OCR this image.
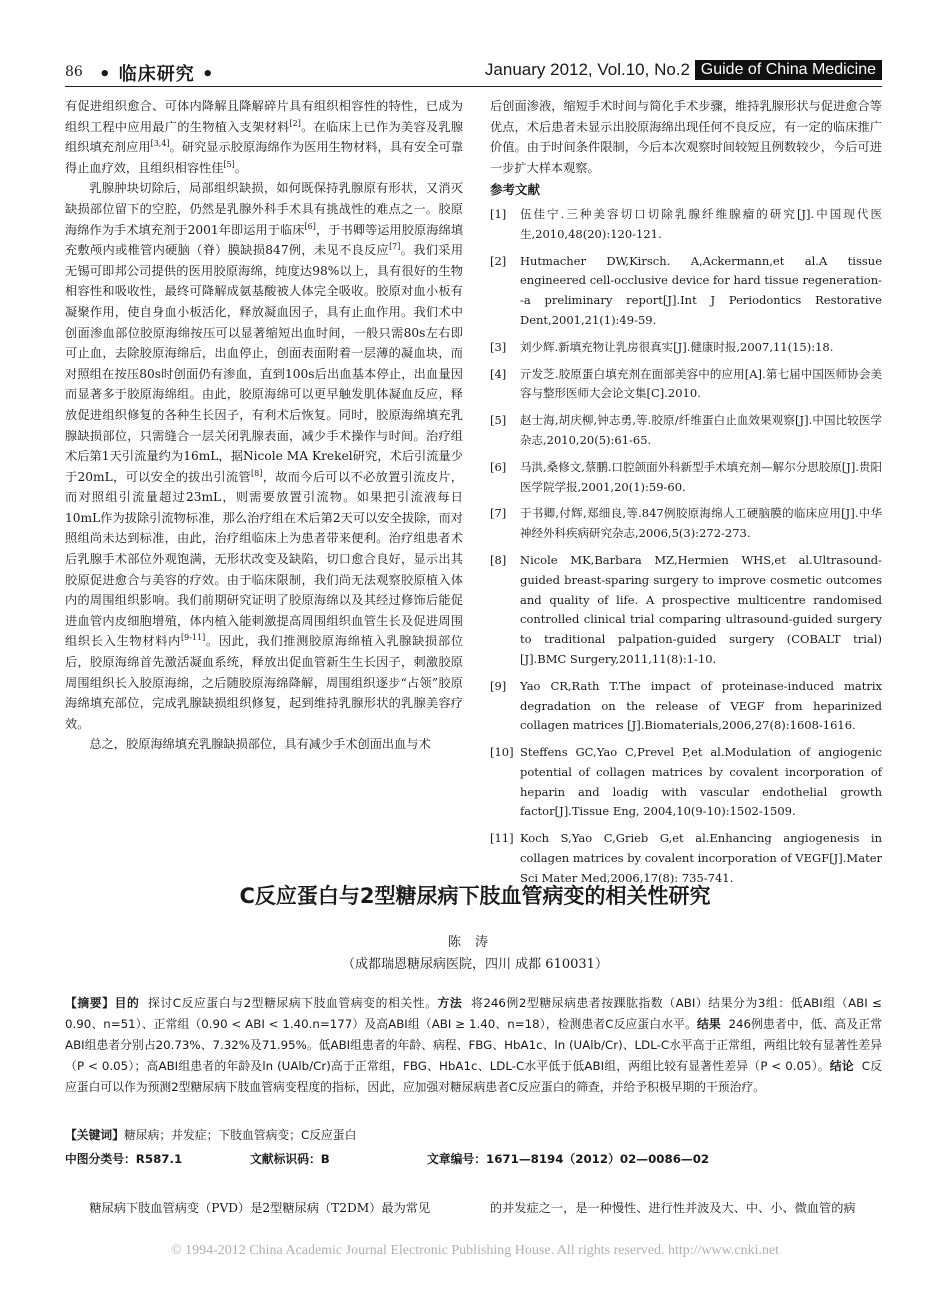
86 • 临床研究 •	January 2012, Vol.10, No.2 Guide of China Medicine

有促进组织愈合、可体内降解且降解碎片具有组织相容性的特性，已成为组织工程中应用最广的生物植入支架材料[2]。在临床上已作为美容及乳腺组织填充剂应用[3,4]。研究显示胶原海绵作为医用生物材料，具有安全可靠得止血疗效，且组织相容性佳[5]。

乳腺肿块切除后，局部组织缺损，如何既保持乳腺原有形状，又消灭缺损部位留下的空腔，仍然是乳腺外科手术具有挑战性的难点之一。胶原海绵作为手术填充剂于2001年即运用于临床[6]，于书卿等运用胶原海绵填充敷颅内或椎管内硬脑（脊）膜缺损847例，未见不良反应[7]。我们采用无锡可即邦公司提供的医用胶原海绵，纯度达98%以上，具有很好的生物相容性和吸收性，最终可降解成氨基酸被人体完全吸收。胶原对血小板有凝聚作用，使自身血小板活化，释放凝血因子，具有止血作用。我们术中创面渗血部位胶原海绵按压可以显著缩短出血时间，一般只需80s左右即可止血，去除胶原海绵后，出血停止，创面表面附着一层薄的凝血块，而对照组在按压80s时创面仍有渗血，直到100s后出血基本停止，出血量因而显著多于胶原海绵组。由此，胶原海绵可以更早触发肌体凝血反应，释放促进组织修复的各种生长因子，有利术后恢复。同时，胶原海绵填充乳腺缺损部位，只需缝合一层关闭乳腺表面，减少手术操作与时间。治疗组术后第1天引流量约为16mL，据Nicole MA Krekel研究，术后引流量少于20mL，可以安全的拔出引流管[8]，故而今后可以不必放置引流皮片，而对照组引流量超过23mL，则需要放置引流物。如果把引流液每日10mL作为拔除引流物标准，那么治疗组在术后第2天可以安全拔除，而对照组尚未达到标准，由此，治疗组临床上为患者带来便利。治疗组患者术后乳腺手术部位外观饱满，无形状改变及缺陷，切口愈合良好，显示出其胶原促进愈合与美容的疗效。由于临床限制，我们尚无法观察胶原植入体内的周围组织影响。我们前期研究证明了胶原海绵以及其经过修饰后能促进血管内皮细胞增殖，体内植入能刺激提高周围组织血管生长及促进周围组织长入生物材料内[9-11]。因此，我们推测胶原海绵植入乳腺缺损部位后，胶原海绵首先激活凝血系统，释放出促血管新生生长因子，刺激胶原周围组织长入胶原海绵，之后随胶原海绵降解，周围组织逐步“占领”胶原海绵填充部位，完成乳腺缺损组织修复，起到维持乳腺形状的乳腺美容疗效。

总之，胶原海绵填充乳腺缺损部位，具有减少手术创面出血与术

后创面渗液，缩短手术时间与简化手术步骤，维持乳腺形状与促进愈合等优点，术后患者未显示出胶原海绵出现任何不良反应，有一定的临床推广价值。由于时间条件限制，今后本次观察时间较短且例数较少，今后可进一步扩大样本观察。

参考文献
[1]	伍佳宁.三种美容切口切除乳腺纤维腺瘤的研究[J].中国现代医生,2010,48(20):120-121.
[2]	Hutmacher DW,Kirsch. A,Ackermann,et al.A tissue engineered cell-occlusive device for hard tissue regeneration--a preliminary report[J].Int J Periodontics Restorative Dent,2001,21(1):49-59.
[3]	刘少辉.新填充物让乳房很真实[J].健康时报,2007,11(15):18.
[4]	亓发芝.胶原蛋白填充剂在面部美容中的应用[A].第七届中国医师协会美容与整形医师大会论文集[C].2010.
[5]	赵士海,胡庆柳,钟志勇,等.胶原/纤维蛋白止血效果观察[J].中国比较医学杂志,2010,20(5):61-65.
[6]	马洪,桑修文,蔡鹏.口腔颌面外科新型手术填充剂—解尔分思胶原[J].贵阳医学院学报,2001,20(1):59-60.
[7]	于书卿,付辉,郑细良,等.847例胶原海绵人工硬脑膜的临床应用[J].中华神经外科疾病研究杂志,2006,5(3):272-273.
[8]	Nicole MK,Barbara MZ,Hermien WHS,et al.Ultrasound-guided breast-sparing surgery to improve cosmetic outcomes and quality of life. A prospective multicentre randomised controlled clinical trial comparing ultrasound-guided surgery to traditional palpation-guided surgery (COBALT trial)[J].BMC Surgery,2011,11(8):1-10.
[9]	Yao CR,Rath T.The impact of proteinase-induced matrix degradation on the release of VEGF from heparinized collagen matrices [J].Biomaterials,2006,27(8):1608-1616.
[10] Steffens GC,Yao C,Prevel P,et al.Modulation of angiogenic potential of collagen matrices by covalent incorporation of heparin and loadig with vascular endothelial growth factor[J].Tissue Eng, 2004,10(9-10):1502-1509.
[11] Koch S,Yao C,Grieb G,et al.Enhancing angiogenesis in collagen matrices by covalent incorporation of VEGF[J].Mater Sci Mater Med,2006,17(8): 735-741.
C反应蛋白与2型糖尿病下肢血管病变的相关性研究
陈涛
（成都瑞恩糖尿病医院，四川 成都 610031）

【摘要】目的 探讨C反应蛋白与2型糖尿病下肢血管病变的相关性。方法 将246例2型糖尿病患者按踝肱指数（ABI）结果分为3组：低ABI组（ABI ≤ 0.90、n=51）、正常组（0.90 < ABI < 1.40.n=177）及高ABI组（ABI ≥ 1.40、n=18），检测患者C反应蛋白水平。结果 246例患者中，低、高及正常ABI组患者分别占20.73%、7.32%及71.95%。低ABI组患者的年龄、病程、FBG、HbA1c、ln (UAlb/Cr)、LDL-C水平高于正常组，两组比较有显著性差异（P < 0.05）；高ABI组患者的年龄及ln (UAlb/Cr)高于正常组，FBG、HbA1c、LDL-C水平低于低ABI组，两组比较有显著性差异（P < 0.05）。结论 C反应蛋白可以作为预测2型糖尿病下肢血管病变程度的指标，因此，应加强对糖尿病患者C反应蛋白的筛查，并给予积极早期的干预治疗。

【关键词】糖尿病；并发症；下肢血管病变；C反应蛋白
中图分类号：R587.1	文献标识码：B	文章编号：1671—8194（2012）02—0086—02
糖尿病下肢血管病变（PVD）是2型糖尿病（T2DM）最为常见	的并发症之一，是一种慢性、进行性并波及大、中、小、微血管的病
© 1994-2012 China Academic Journal Electronic Publishing House. All rights reserved. http://www.cnki.net
